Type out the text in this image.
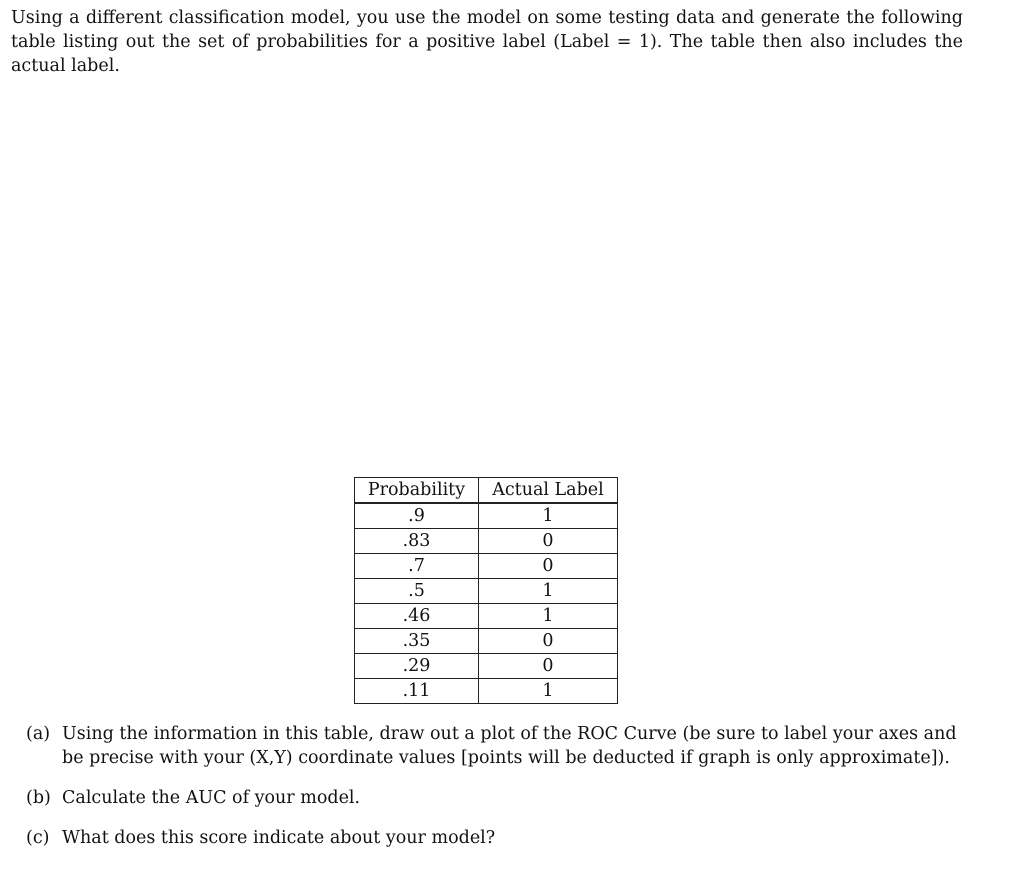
Using a different classification model, you use the model on some testing data and generate the following table listing out the set of probabilities for a positive label (Label = 1). The table then also includes the actual label.

Probability	Actual Label
.9	1
.83	0
.7	0
.5	1
.46	1
.35	0
.29	0
.11	1
(a) Using the information in this table, draw out a plot of the ROC Curve (be sure to label your axes and be precise with your (X,Y) coordinate values [points will be deducted if graph is only approximate]).
(b) Calculate the AUC of your model.
(c) What does this score indicate about your model?
